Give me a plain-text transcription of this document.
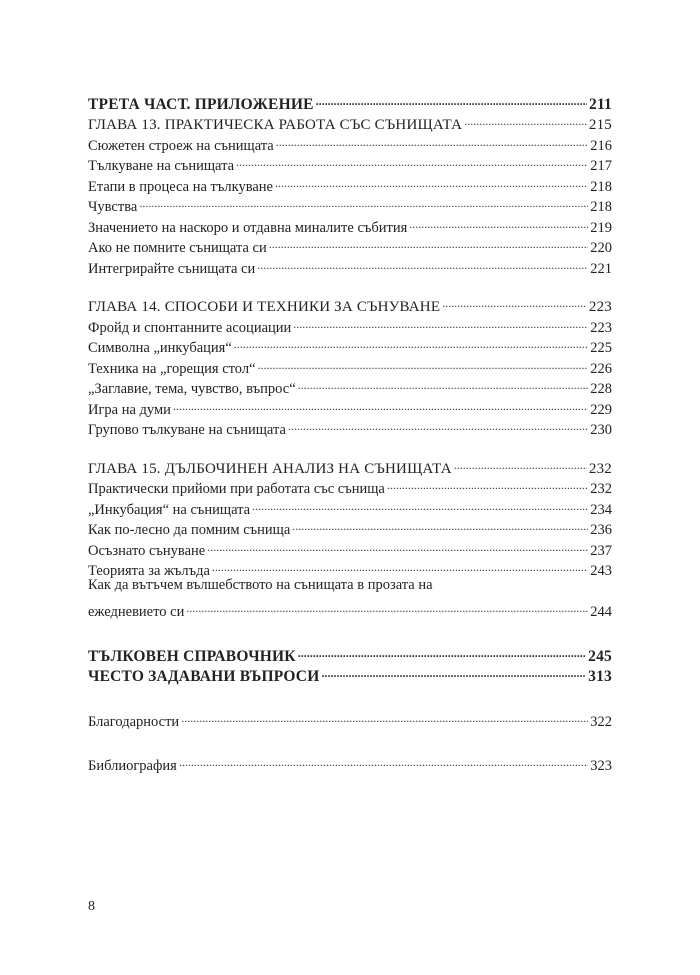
ТРЕТА ЧАСТ. ПРИЛОЖЕНИЕ .....	211
ГЛАВА 13. ПРАКТИЧЕСКА РАБОТА СЪС СЪНИЩАТА .....	215
Сюжетен строеж на сънищата .....	216
Тълкуване на сънищата .....	217
Етапи в процеса на тълкуване .....	218
Чувства .....	218
Значението на наскоро и отдавна миналите събития .....	219
Ако не помните сънищата си .....	220
Интегрирайте сънищата си .....	221
ГЛАВА 14. СПОСОБИ И ТЕХНИКИ ЗА СЪНУВАНЕ .....	223
Фройд и спонтанните асоциации .....	223
Символна „инкубация“ .....	225
Техника на „горещия стол“ .....	226
„Заглавие, тема, чувство, въпрос“ .....	228
Игра на думи .....	229
Групово тълкуване на сънищата .....	230
ГЛАВА 15. ДЪЛБОЧИНЕН АНАЛИЗ НА СЪНИЩАТА .....	232
Практически прийоми при работата със сънища .....	232
„Инкубация“ на сънищата .....	234
Как по-лесно да помним сънища .....	236
Осъзнато сънуване .....	237
Теорията за жълъда .....	243
Как да вътъчем вълшебството на сънищата в прозата на
ежедневието си .....	244
ТЪЛКОВЕН СПРАВОЧНИК .....	245
ЧЕСТО ЗАДАВАНИ ВЪПРОСИ .....	313
Благодарности .....	322
Библиография .....	323
8
